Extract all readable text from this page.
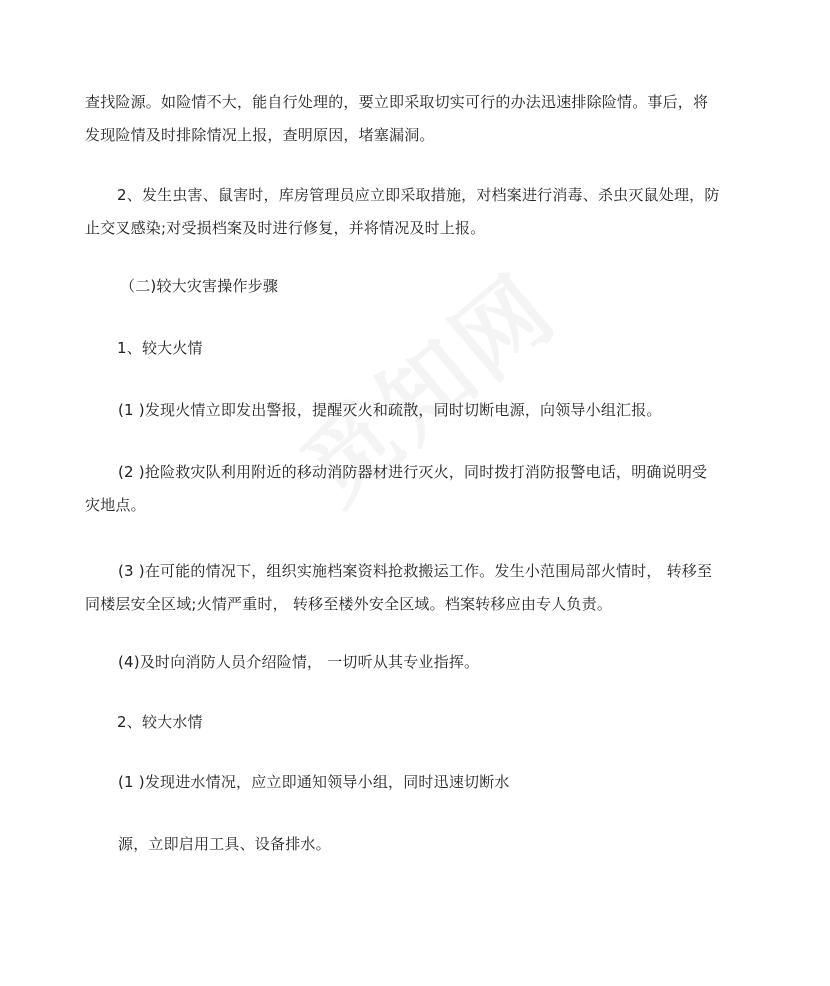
查找险源。如险情不大，能自行处理的，要立即采取切实可行的办法迅速排除险情。事后，将
发现险情及时排除情况上报，查明原因，堵塞漏洞。
2、发生虫害、鼠害时，库房管理员应立即采取措施，对档案进行消毒、杀虫灭鼠处理，防
止交叉感染;对受损档案及时进行修复，并将情况及时上报。
（二)较大灾害操作步骤
1、较大火情
(1 )发现火情立即发出警报，提醒灭火和疏散，同时切断电源，向领导小组汇报。
(2 )抢险救灾队利用附近的移动消防器材进行灭火，同时拨打消防报警电话，明确说明受
灾地点。
(3 )在可能的情况下，组织实施档案资料抢救搬运工作。发生小范围局部火情时， 转移至
同楼层安全区域;火情严重时， 转移至楼外安全区域。档案转移应由专人负责。
(4)及时向消防人员介绍险情， 一切听从其专业指挥。
2、较大水情
(1 )发现进水情况，应立即通知领导小组，同时迅速切断水
源，立即启用工具、设备排水。
